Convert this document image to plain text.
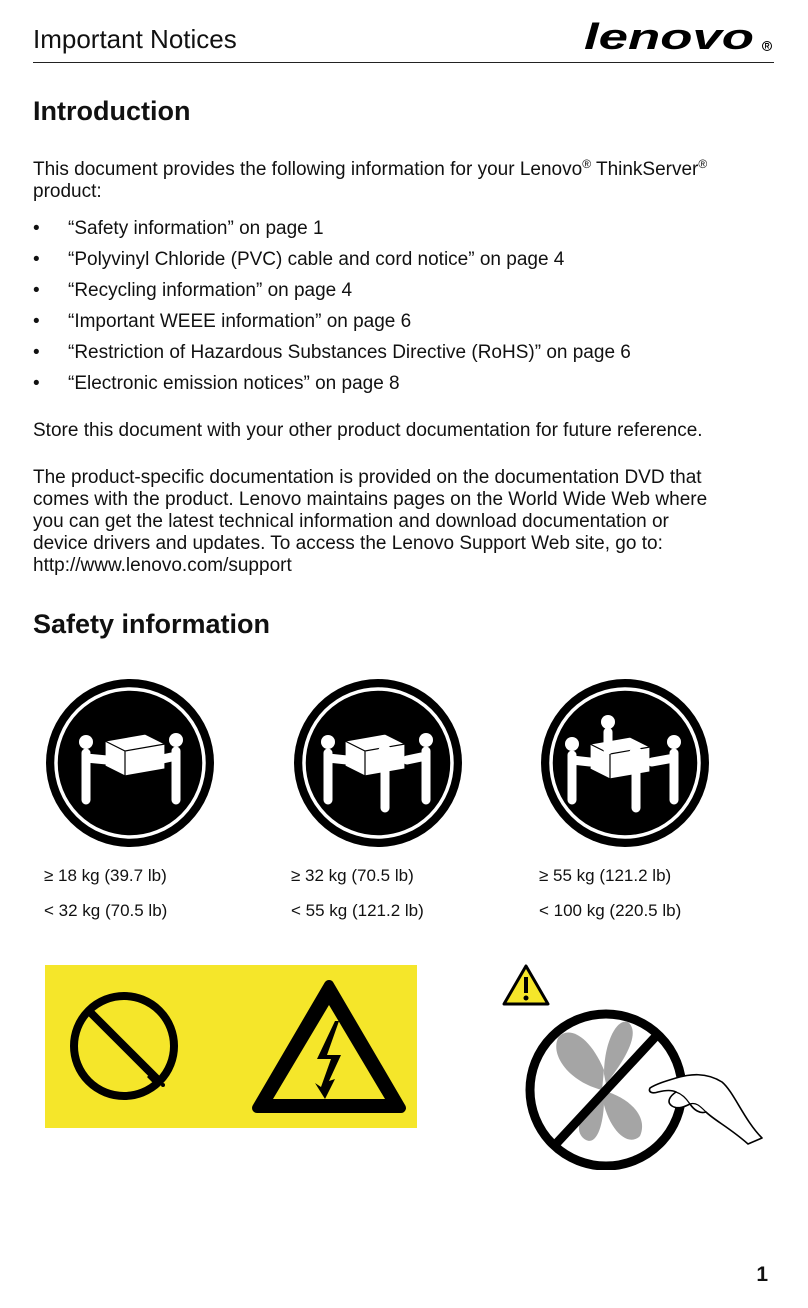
Important Notices	lenovo
Introduction

This document provides the following information for your Lenovo® ThinkServer®
product:

• “Safety information” on page 1
• “Polyvinyl Chloride (PVC) cable and cord notice” on page 4
• “Recycling information” on page 4
• “Important WEEE information” on page 6
• “Restriction of Hazardous Substances Directive (RoHS)” on page 6
• “Electronic emission notices” on page 8

Store this document with your other product documentation for future reference.

The product-specific documentation is provided on the documentation DVD that
comes with the product. Lenovo maintains pages on the World Wide Web where
you can get the latest technical information and download documentation or
device drivers and updates. To access the Lenovo Support Web site, go to:
http://www.lenovo.com/support

Safety information
≥ 18 kg (39.7 lb)
< 32 kg (70.5 lb)
≥ 32 kg (70.5 lb)
< 55 kg (121.2 lb)
≥ 55 kg (121.2 lb)
< 100 kg (220.5 lb)
1
